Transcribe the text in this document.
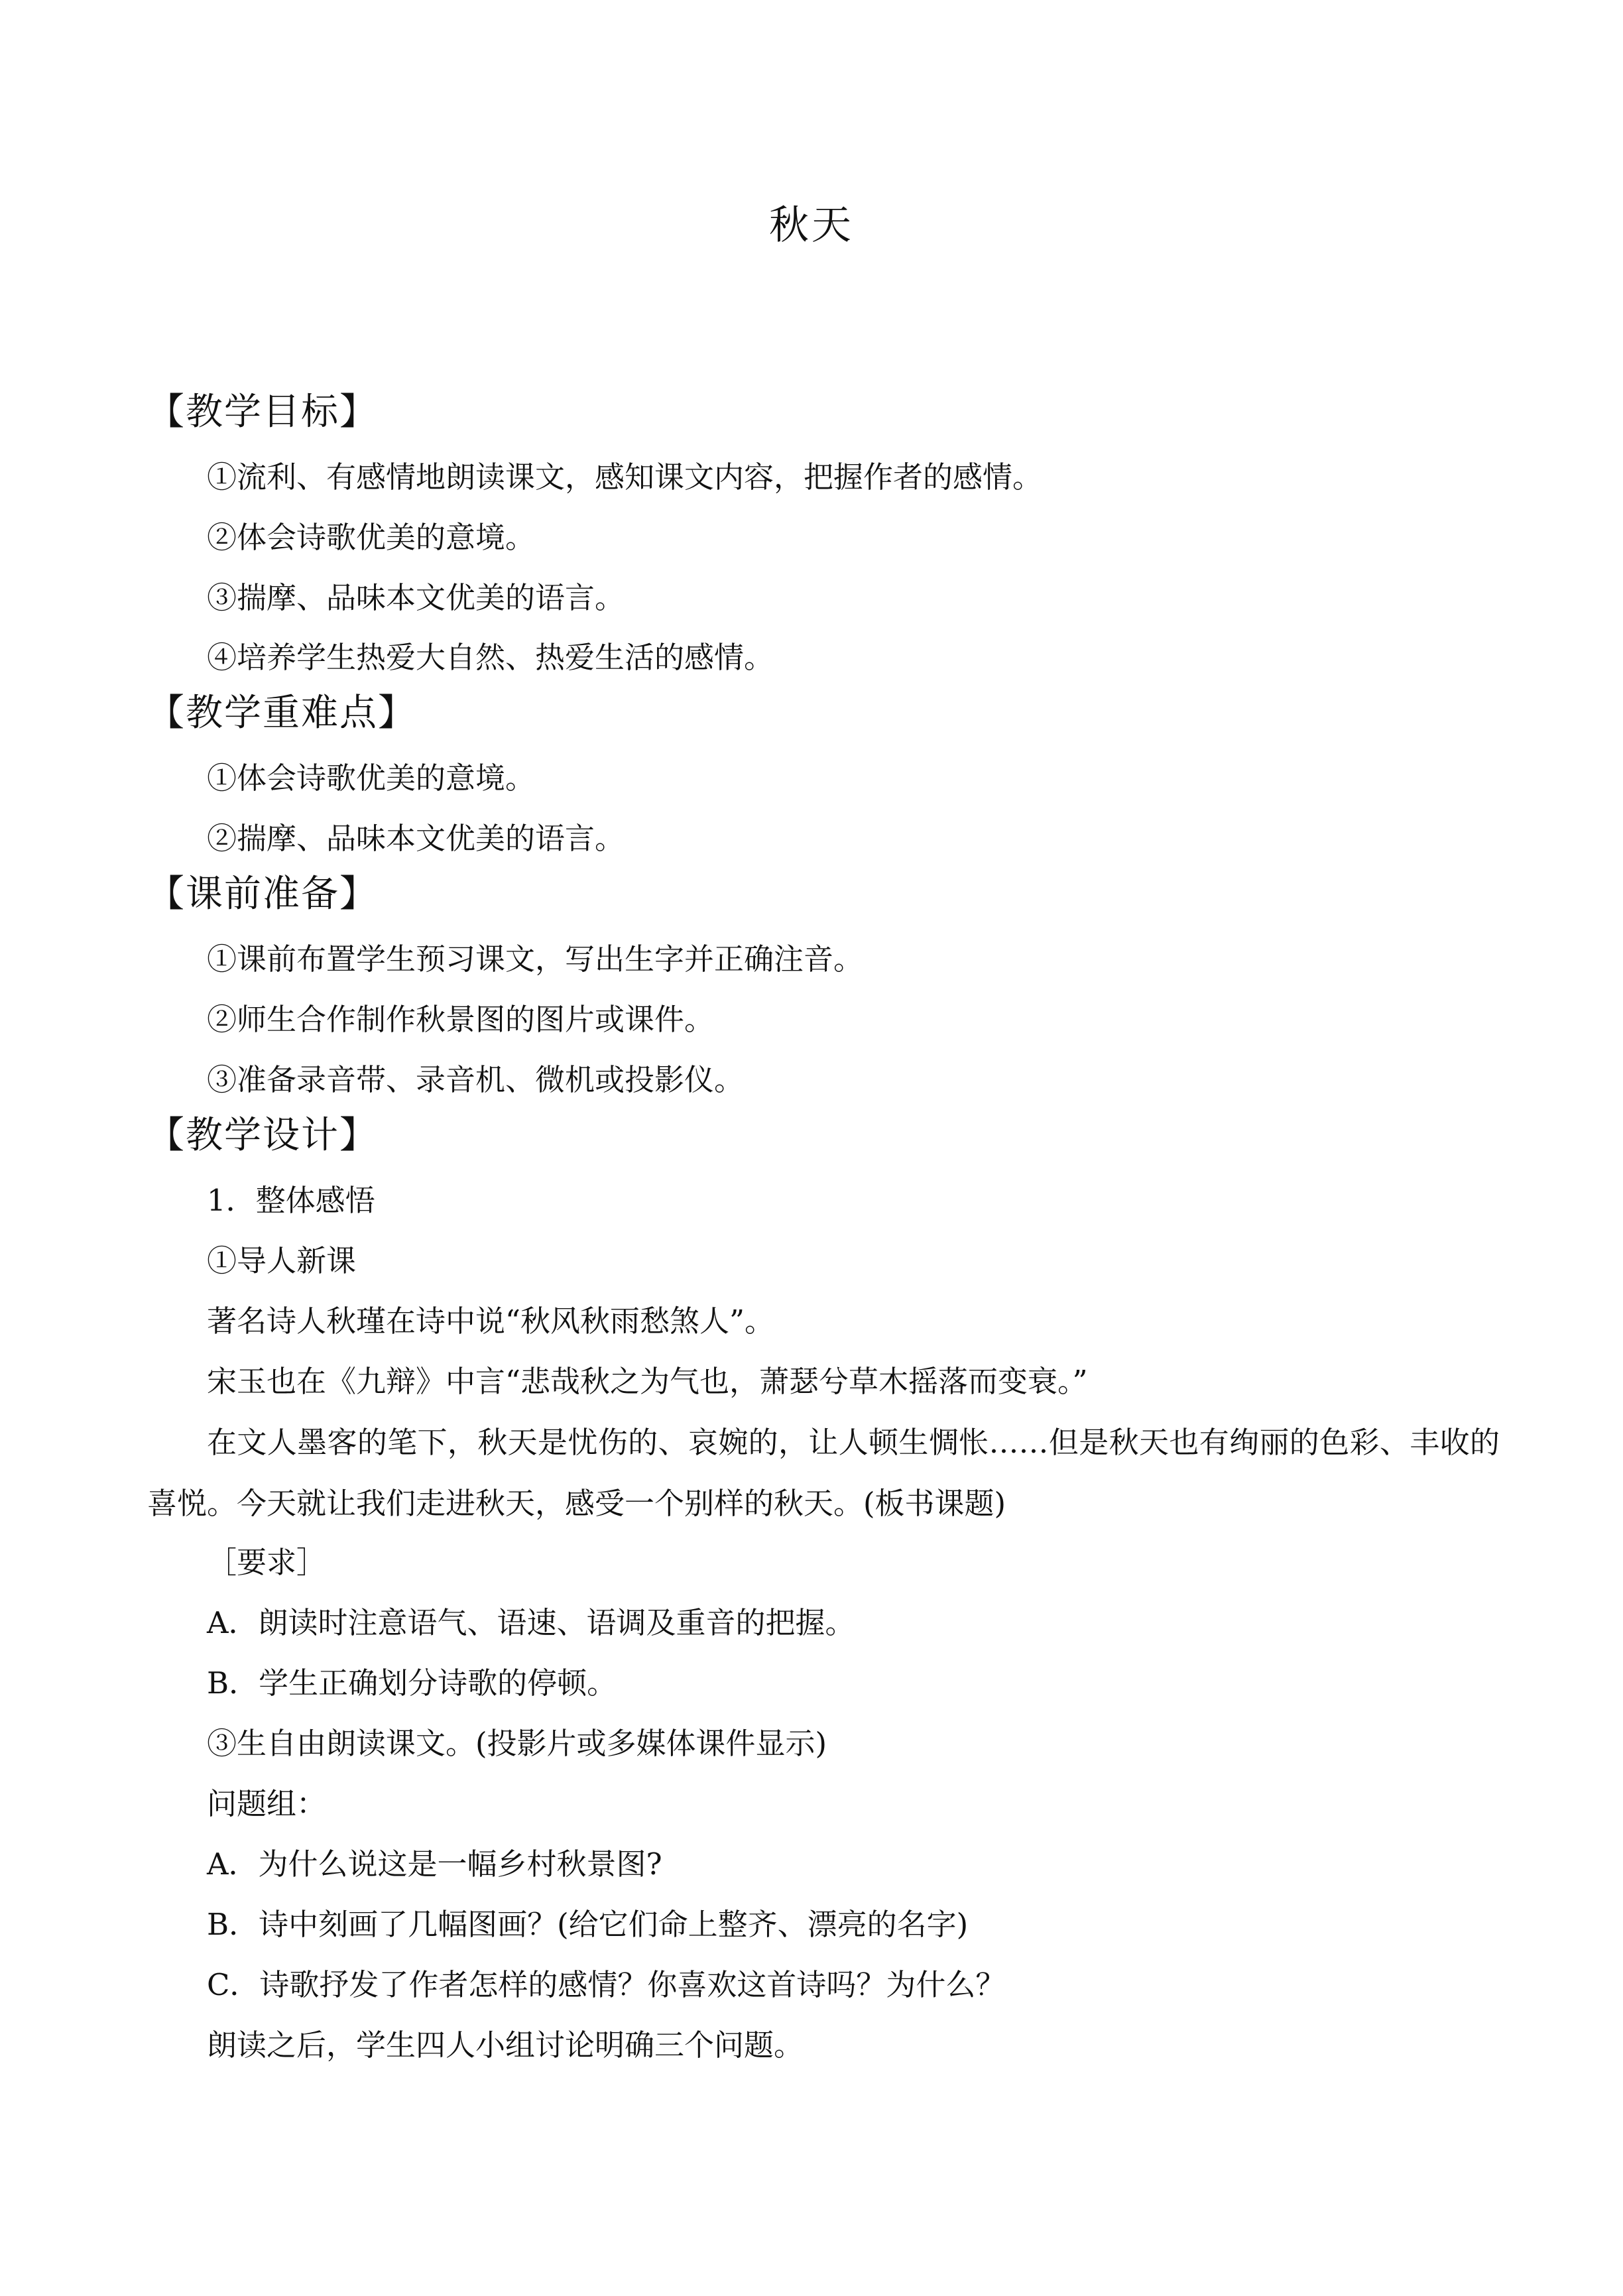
秋天
【教学目标】
①流利、有感情地朗读课文，感知课文内容，把握作者的感情。
②体会诗歌优美的意境。
③揣摩、品味本文优美的语言。
④培养学生热爱大自然、热爱生活的感情。
【教学重难点】
①体会诗歌优美的意境。
②揣摩、品味本文优美的语言。
【课前准备】
①课前布置学生预习课文，写出生字并正确注音。
②师生合作制作秋景图的图片或课件。
③准备录音带、录音机、微机或投影仪。
【教学设计】
1．整体感悟
①导人新课
著名诗人秋瑾在诗中说“秋风秋雨愁煞人”。
宋玉也在《九辩》中言“悲哉秋之为气也，萧瑟兮草木摇落而变衰。”
在文人墨客的笔下，秋天是忧伤的、哀婉的，让人顿生惆怅……但是秋天也有绚丽的色彩、丰收的喜悦。今天就让我们走进秋天，感受一个别样的秋天。(板书课题)
［要求］
A．朗读时注意语气、语速、语调及重音的把握。
B．学生正确划分诗歌的停顿。
③生自由朗读课文。(投影片或多媒体课件显示)
问题组：
A．为什么说这是一幅乡村秋景图?
B．诗中刻画了几幅图画？(给它们命上整齐、漂亮的名字)
C．诗歌抒发了作者怎样的感情？你喜欢这首诗吗？为什么？
朗读之后，学生四人小组讨论明确三个问题。
